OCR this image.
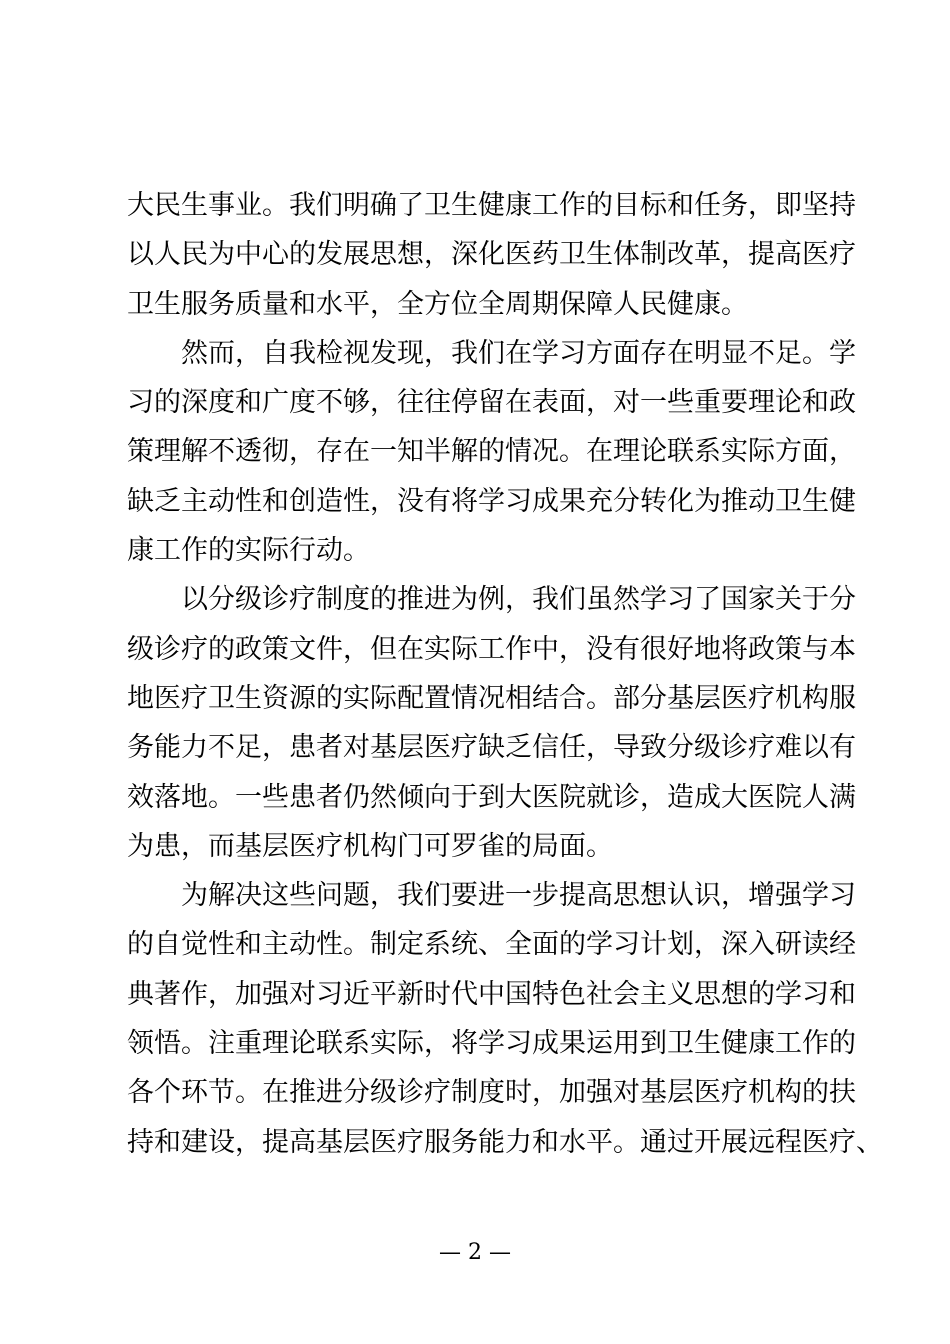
大民生事业。我们明确了卫生健康工作的目标和任务，即坚持
以人民为中心的发展思想，深化医药卫生体制改革，提高医疗
卫生服务质量和水平，全方位全周期保障人民健康。

然而，自我检视发现，我们在学习方面存在明显不足。学
习的深度和广度不够，往往停留在表面，对一些重要理论和政
策理解不透彻，存在一知半解的情况。在理论联系实际方面，
缺乏主动性和创造性，没有将学习成果充分转化为推动卫生健
康工作的实际行动。

以分级诊疗制度的推进为例，我们虽然学习了国家关于分
级诊疗的政策文件，但在实际工作中，没有很好地将政策与本
地医疗卫生资源的实际配置情况相结合。部分基层医疗机构服
务能力不足，患者对基层医疗缺乏信任，导致分级诊疗难以有
效落地。一些患者仍然倾向于到大医院就诊，造成大医院人满
为患，而基层医疗机构门可罗雀的局面。

为解决这些问题，我们要进一步提高思想认识，增强学习
的自觉性和主动性。制定系统、全面的学习计划，深入研读经
典著作，加强对习近平新时代中国特色社会主义思想的学习和
领悟。注重理论联系实际，将学习成果运用到卫生健康工作的
各个环节。在推进分级诊疗制度时，加强对基层医疗机构的扶
持和建设，提高基层医疗服务能力和水平。通过开展远程医疗、

— 2 —
